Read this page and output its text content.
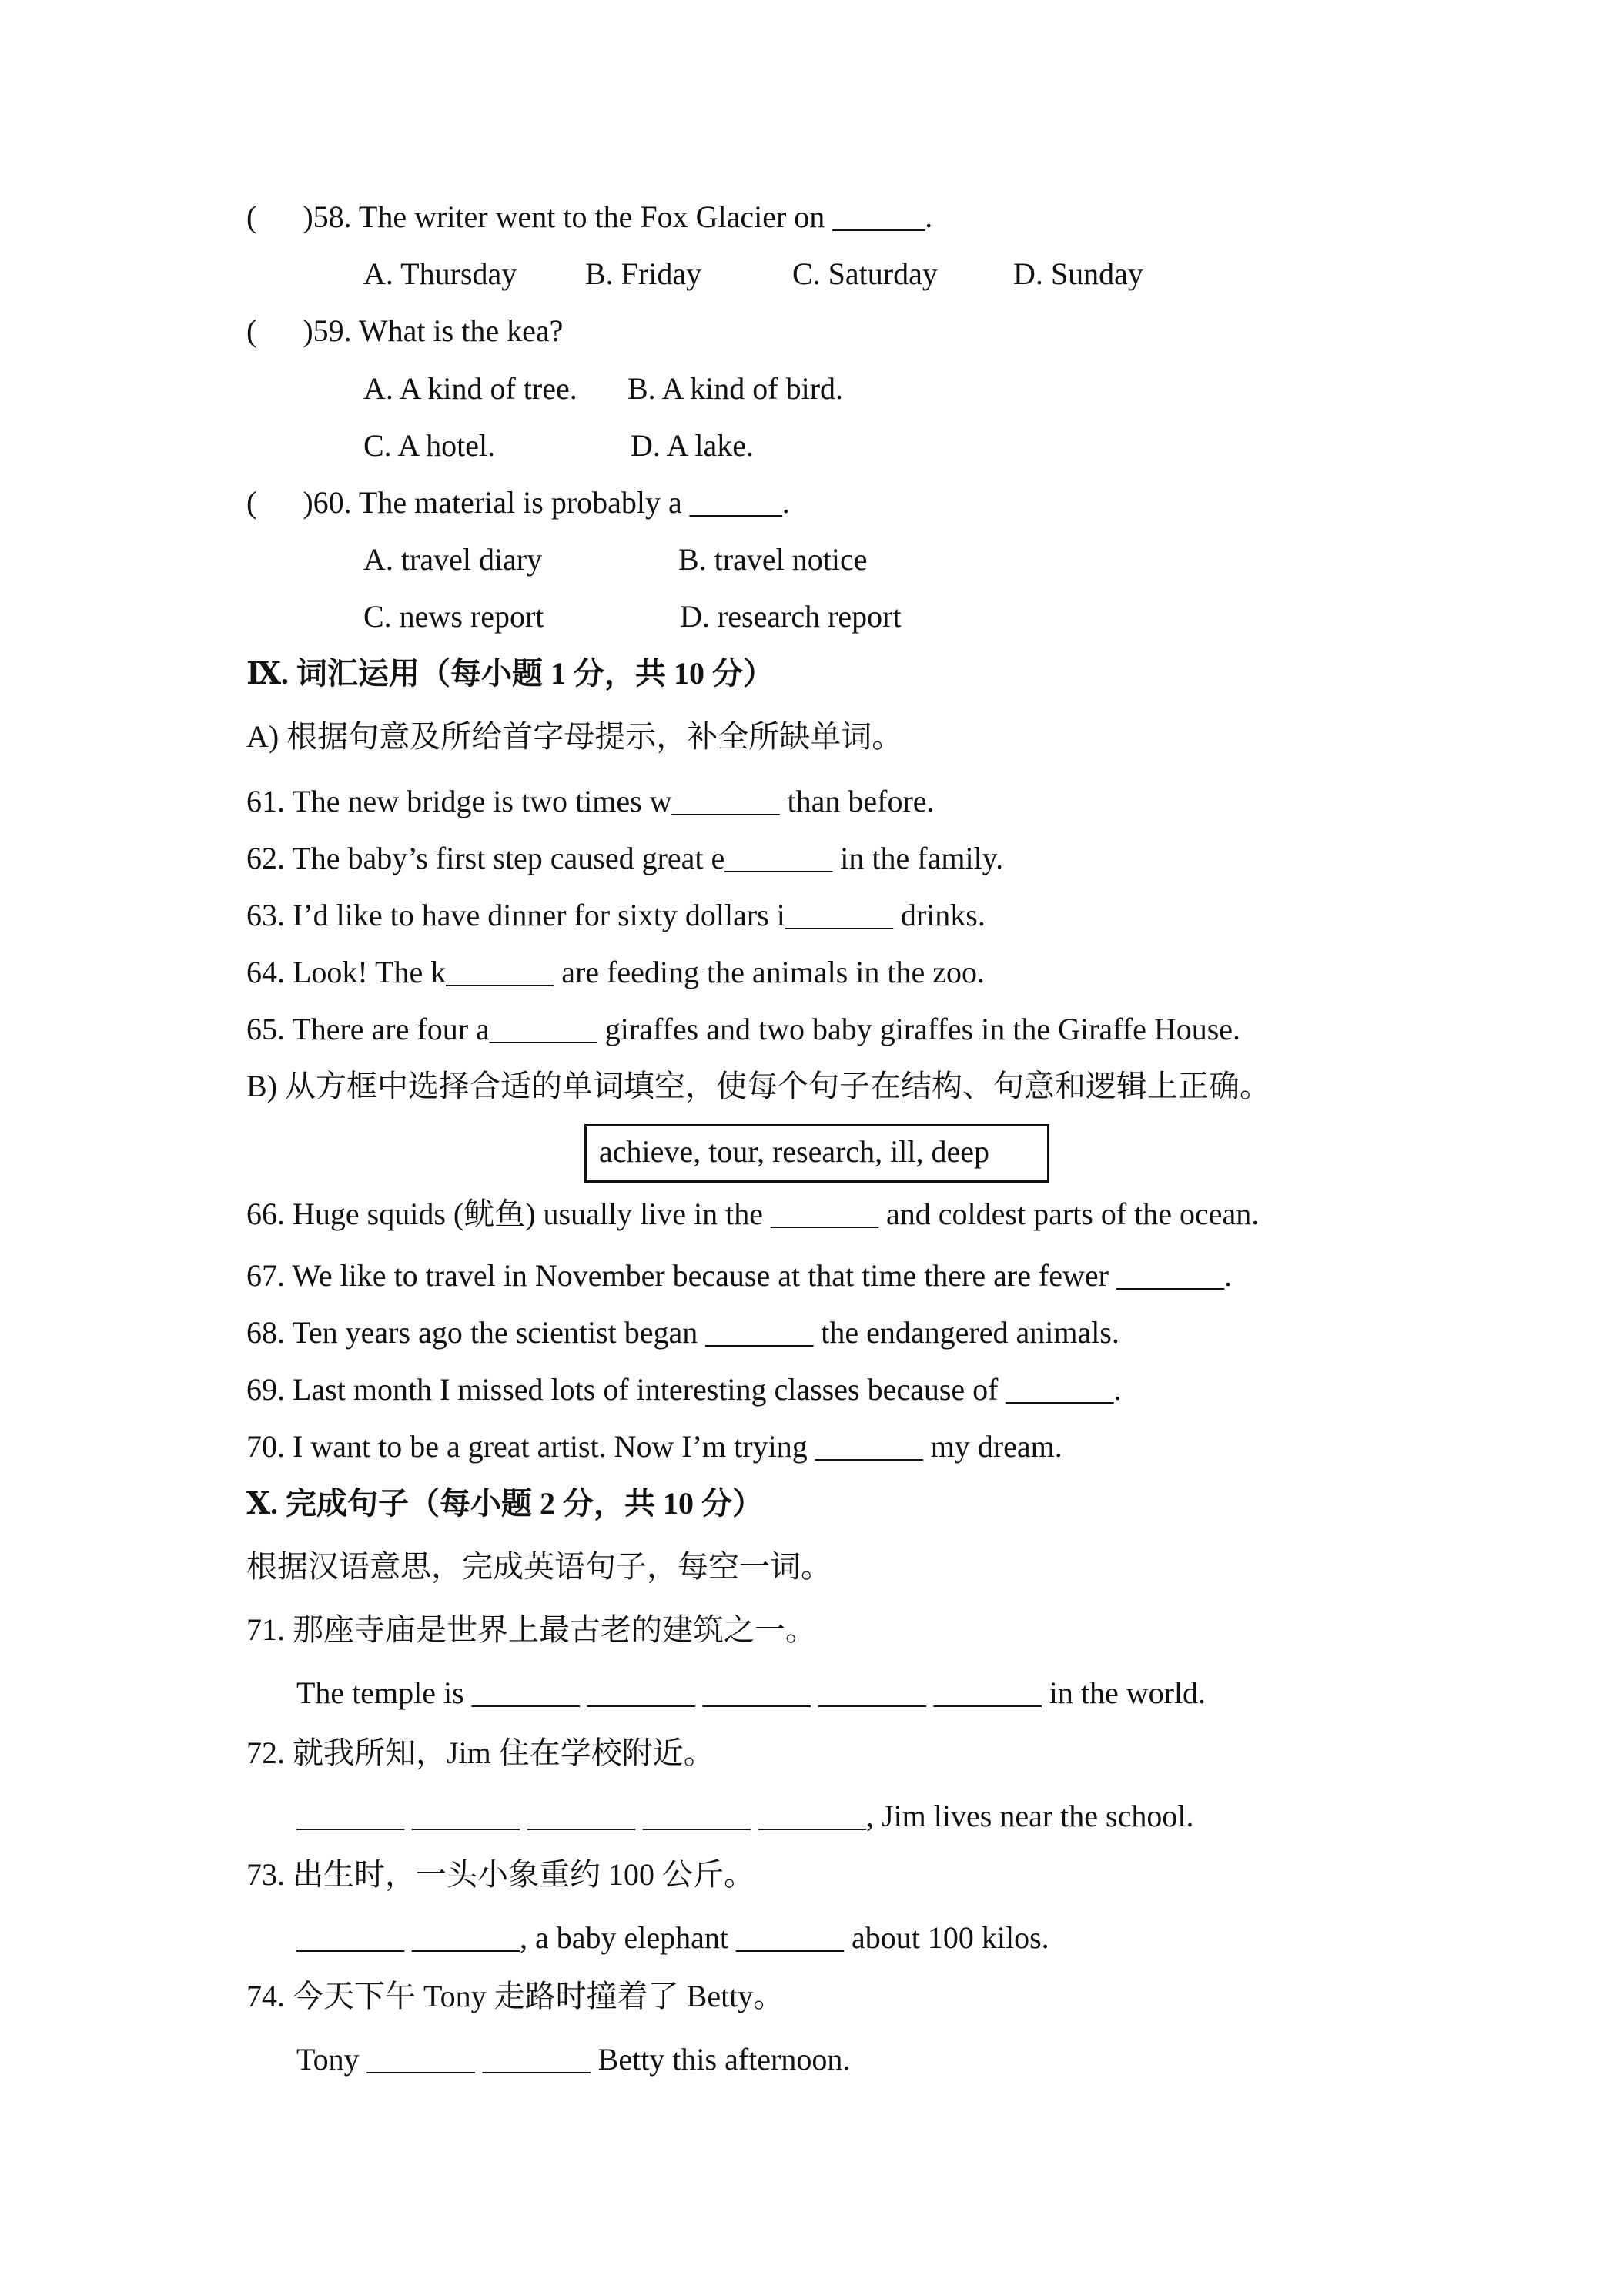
(      )58. The writer went to the Fox Glacier on ______.
A. Thursday B. Friday	C. Saturday D. Sunday
(      )59. What is the kea?
A. A kind of tree. B. A kind of bird.
C. A hotel.	D. A lake.
(      )60. The material is probably a ______.
A. travel diary	B. travel notice
C. news report	D. research report
Ⅸ. 词汇运用（每小题 1 分，共 10 分）
A) 根据句意及所给首字母提示，补全所缺单词。
61. The new bridge is two times w_______ than before.
62. The baby’s first step caused great e_______ in the family.
63. I’d like to have dinner for sixty dollars i_______ drinks.
64. Look! The k_______ are feeding the animals in the zoo.
65. There are four a_______ giraffes and two baby giraffes in the Giraffe House.
B) 从方框中选择合适的单词填空，使每个句子在结构、句意和逻辑上正确。
achieve, tour, research, ill, deep
66. Huge squids (鱿鱼) usually live in the _______ and coldest parts of the ocean.
67. We like to travel in November because at that time there are fewer _______.
68. Ten years ago the scientist began _______ the endangered animals.
69. Last month I missed lots of interesting classes because of _______.
70. I want to be a great artist. Now I’m trying _______ my dream.
Ⅹ. 完成句子（每小题 2 分，共 10 分）
根据汉语意思，完成英语句子，每空一词。
71. 那座寺庙是世界上最古老的建筑之一。
The temple is _______ _______ _______ _______ _______ in the world.
72. 就我所知，Jim 住在学校附近。
_______ _______ _______ _______ _______, Jim lives near the school.
73. 出生时，一头小象重约 100 公斤。
_______ _______, a baby elephant _______ about 100 kilos.
74. 今天下午 Tony 走路时撞着了 Betty。
Tony _______ _______ Betty this afternoon.
